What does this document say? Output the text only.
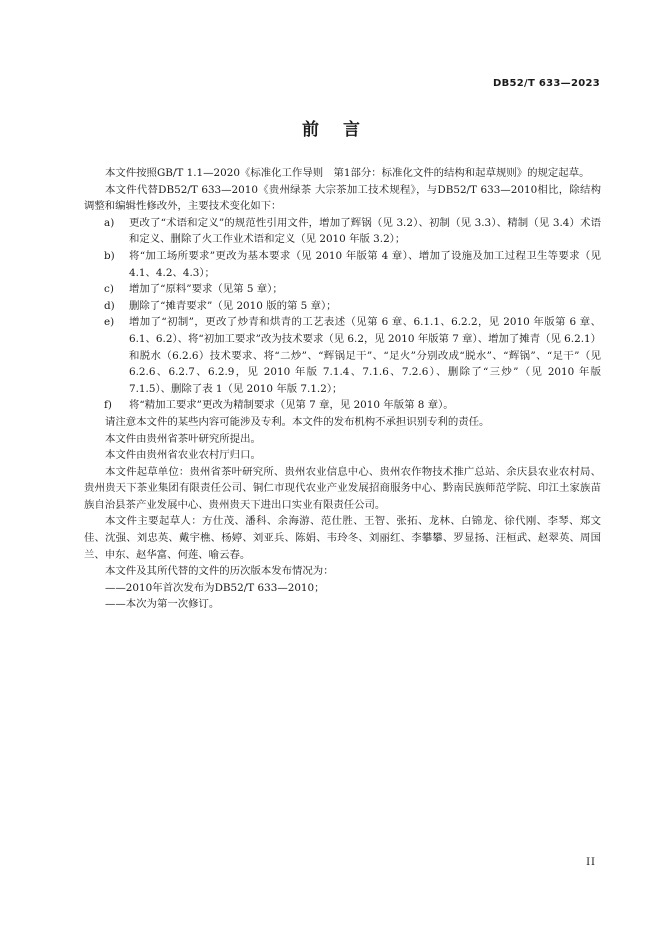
DB52/T 633—2023
前言

本文件按照GB/T 1.1—2020《标准化工作导则　第1部分：标准化文件的结构和起草规则》的规定起草。

本文件代替DB52/T 633—2010《贵州绿茶 大宗茶加工技术规程》，与DB52/T 633—2010相比，除结构调整和编辑性修改外，主要技术变化如下：

a) 更改了“术语和定义”的规范性引用文件，增加了辉锅（见 3.2）、初制（见 3.3）、精制（见 3.4）术语和定义、删除了火工作业术语和定义（见 2010 年版 3.2）；

b) 将“加工场所要求”更改为基本要求（见 2010 年版第 4 章）、增加了设施及加工过程卫生等要求（见 4.1、4.2、4.3）；

c) 增加了“原料”要求（见第 5 章）；

d) 删除了“摊青要求”（见 2010 版的第 5 章）；

e) 增加了“初制”，更改了炒青和烘青的工艺表述（见第 6 章、6.1.1、6.2.2，见 2010 年版第 6 章、6.1、6.2）、将“初加工要求”改为技术要求（见 6.2，见 2010 年版第 7 章）、增加了摊青（见 6.2.1）和脱水（6.2.6）技术要求、将“二炒”、“辉锅足干”、“足火”分别改成“脱水”、“辉锅”、“足干”（见 6.2.6、6.2.7、6.2.9，见 2010 年版 7.1.4、7.1.6、7.2.6）、删除了“三炒”（见 2010 年版 7.1.5）、删除了表 1（见 2010 年版 7.1.2）；

f) 将“精加工要求”更改为精制要求（见第 7 章，见 2010 年版第 8 章）。

请注意本文件的某些内容可能涉及专利。本文件的发布机构不承担识别专利的责任。

本文件由贵州省茶叶研究所提出。

本文件由贵州省农业农村厅归口。

本文件起草单位：贵州省茶叶研究所、贵州农业信息中心、贵州农作物技术推广总站、余庆县农业农村局、贵州贵天下茶业集团有限责任公司、铜仁市现代农业产业发展招商服务中心、黔南民族师范学院、印江土家族苗族自治县茶产业发展中心、贵州贵天下进出口实业有限责任公司。

本文件主要起草人：方仕茂、潘科、余海游、范仕胜、王智、张拓、龙林、白锦龙、徐代刚、李琴、郑文佳、沈强、刘忠英、戴宇樵、杨婷、刘亚兵、陈娟、韦玲冬、刘丽红、李攀攀、罗显扬、汪桓武、赵翠英、周国兰、申东、赵华富、何莲、喻云春。

本文件及其所代替的文件的历次版本发布情况为：

——2010年首次发布为DB52/T 633—2010；

——本次为第一次修订。

II
